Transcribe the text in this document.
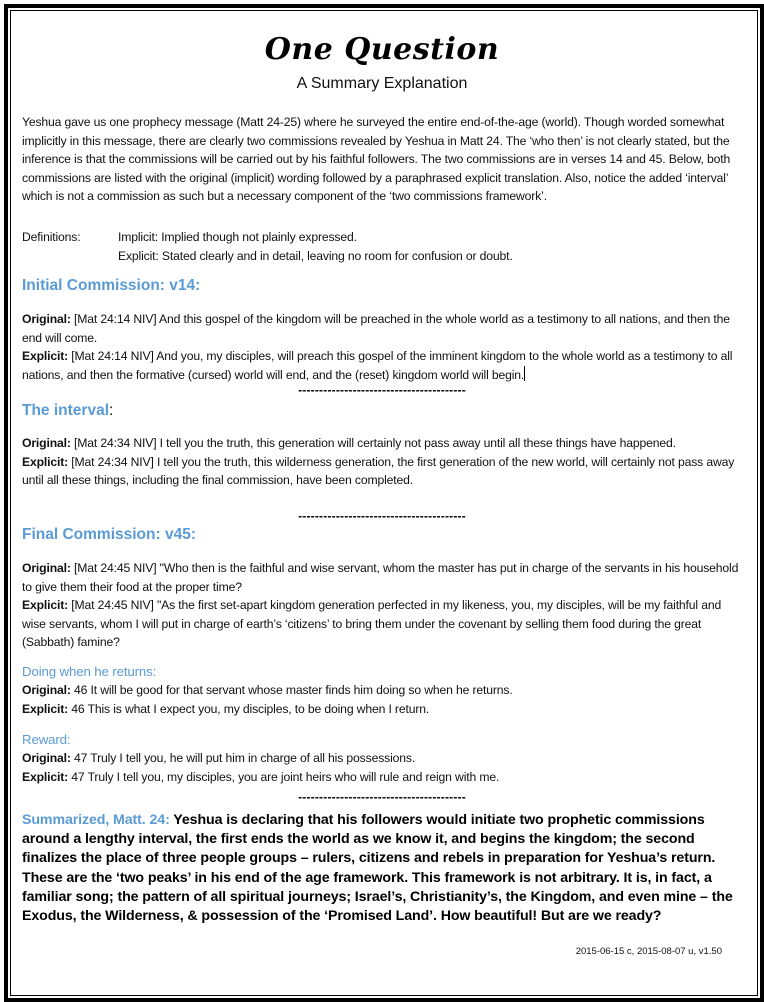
One Question
A Summary Explanation
Yeshua gave us one prophecy message (Matt 24-25) where he surveyed the entire end-of-the-age (world). Though worded somewhat implicitly in this message, there are clearly two commissions revealed by Yeshua in Matt 24. The ‘who then’ is not clearly stated, but the inference is that the commissions will be carried out by his faithful followers. The two commissions are in verses 14 and 45. Below, both commissions are listed with the original (implicit) wording followed by a paraphrased explicit translation. Also, notice the added ‘interval’ which is not a commission as such but a necessary component of the ‘two commissions framework’.
Definitions:	Implicit: Implied though not plainly expressed.
Explicit: Stated clearly and in detail, leaving no room for confusion or doubt.
Initial Commission: v14:
Original: [Mat 24:14 NIV] And this gospel of the kingdom will be preached in the whole world as a testimony to all nations, and then the end will come.
Explicit: [Mat 24:14 NIV] And you, my disciples, will preach this gospel of the imminent kingdom to the whole world as a testimony to all nations, and then the formative (cursed) world will end, and the (reset) kingdom world will begin.
----------------------------------------
The interval:
Original: [Mat 24:34 NIV] I tell you the truth, this generation will certainly not pass away until all these things have happened.
Explicit: [Mat 24:34 NIV] I tell you the truth, this wilderness generation, the first generation of the new world, will certainly not pass away until all these things, including the final commission, have been completed.
----------------------------------------
Final Commission: v45:
Original: [Mat 24:45 NIV] "Who then is the faithful and wise servant, whom the master has put in charge of the servants in his household to give them their food at the proper time?
Explicit: [Mat 24:45 NIV] "As the first set-apart kingdom generation perfected in my likeness, you, my disciples, will be my faithful and wise servants, whom I will put in charge of earth’s ‘citizens’ to bring them under the covenant by selling them food during the great (Sabbath) famine?
Doing when he returns:
Original: 46 It will be good for that servant whose master finds him doing so when he returns.
Explicit: 46 This is what I expect you, my disciples, to be doing when I return.
Reward:
Original: 47 Truly I tell you, he will put him in charge of all his possessions.
Explicit: 47 Truly I tell you, my disciples, you are joint heirs who will rule and reign with me.
----------------------------------------
Summarized, Matt. 24: Yeshua is declaring that his followers would initiate two prophetic commissions around a lengthy interval, the first ends the world as we know it, and begins the kingdom; the second finalizes the place of three people groups – rulers, citizens and rebels in preparation for Yeshua’s return. These are the ‘two peaks’ in his end of the age framework. This framework is not arbitrary. It is, in fact, a familiar song; the pattern of all spiritual journeys; Israel’s, Christianity’s, the Kingdom, and even mine – the Exodus, the Wilderness, & possession of the ‘Promised Land’. How beautiful! But are we ready?
2015-06-15 c, 2015-08-07 u, v1.50
